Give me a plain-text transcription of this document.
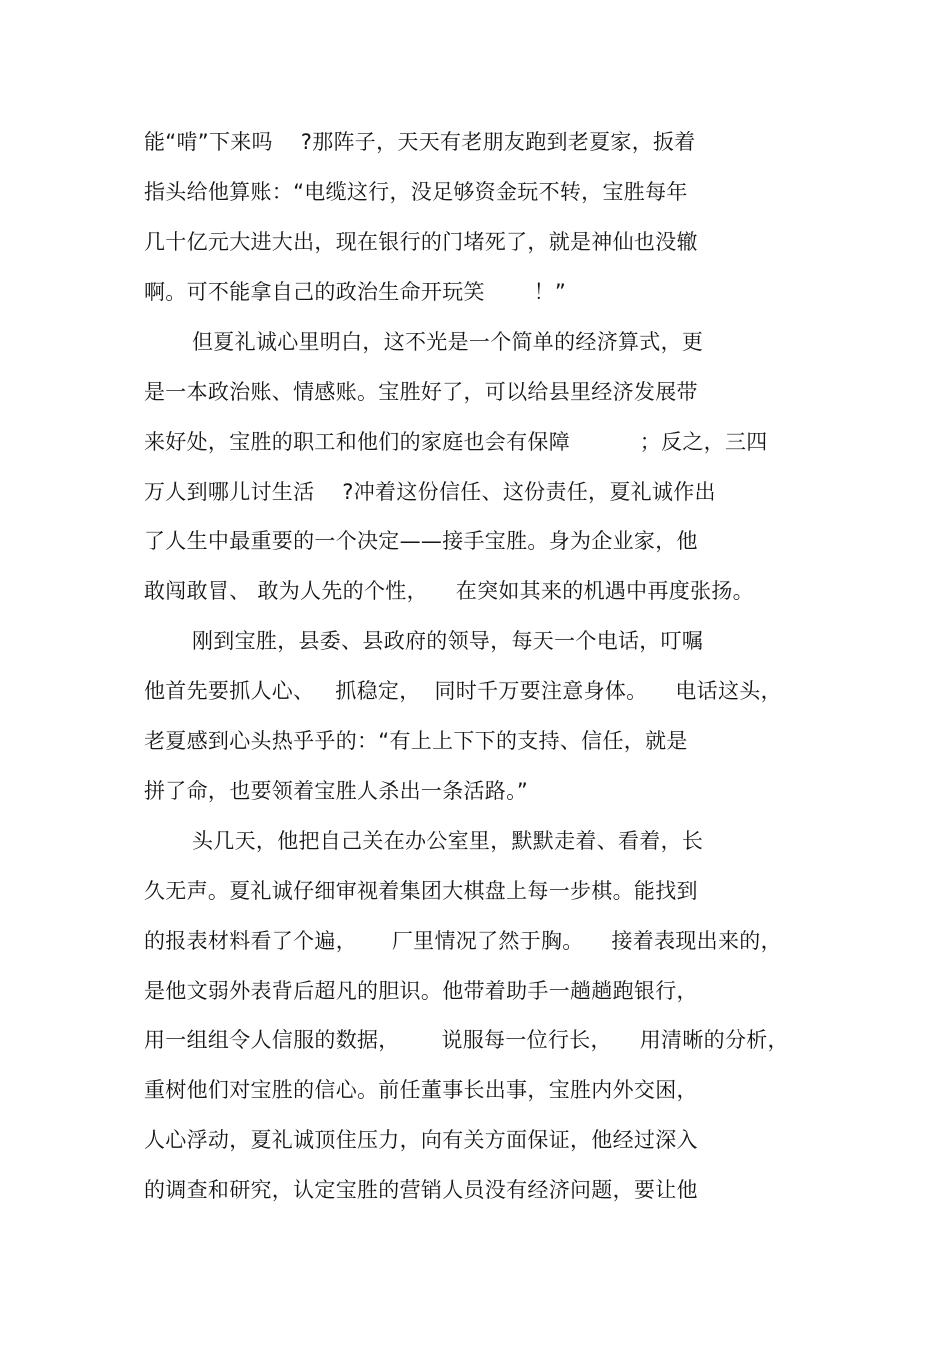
能“啃”下来吗    ?那阵子，天天有老朋友跑到老夏家，扳着
指头给他算账：“电缆这行，没足够资金玩不转，宝胜每年
几十亿元大进大出，现在银行的门堵死了，就是神仙也没辙
啊。可不能拿自己的政治生命开玩笑       ！”
但夏礼诚心里明白，这不光是一个简单的经济算式，更
是一本政治账、情感账。宝胜好了，可以给县里经济发展带
来好处，宝胜的职工和他们的家庭也会有保障          ；反之，三四
万人到哪儿讨生活    ?冲着这份信任、这份责任，夏礼诚作出
了人生中最重要的一个决定——接手宝胜。身为企业家，他
敢闯敢冒、 敢为人先的个性，    在突如其来的机遇中再度张扬。
刚到宝胜，县委、县政府的领导，每天一个电话，叮嘱
他首先要抓人心、   抓稳定，  同时千万要注意身体。    电话这头，
老夏感到心头热乎乎的：“有上上下下的支持、信任，就是
拼了命，也要领着宝胜人杀出一条活路。”
头几天，他把自己关在办公室里，默默走着、看着，长
久无声。夏礼诚仔细审视着集团大棋盘上每一步棋。能找到
的报表材料看了个遍，     厂里情况了然于胸。    接着表现出来的，
是他文弱外表背后超凡的胆识。他带着助手一趟趟跑银行，
用一组组令人信服的数据，      说服每一位行长，    用清晰的分析，
重树他们对宝胜的信心。前任董事长出事，宝胜内外交困，
人心浮动，夏礼诚顶住压力，向有关方面保证，他经过深入
的调查和研究，认定宝胜的营销人员没有经济问题，要让他
